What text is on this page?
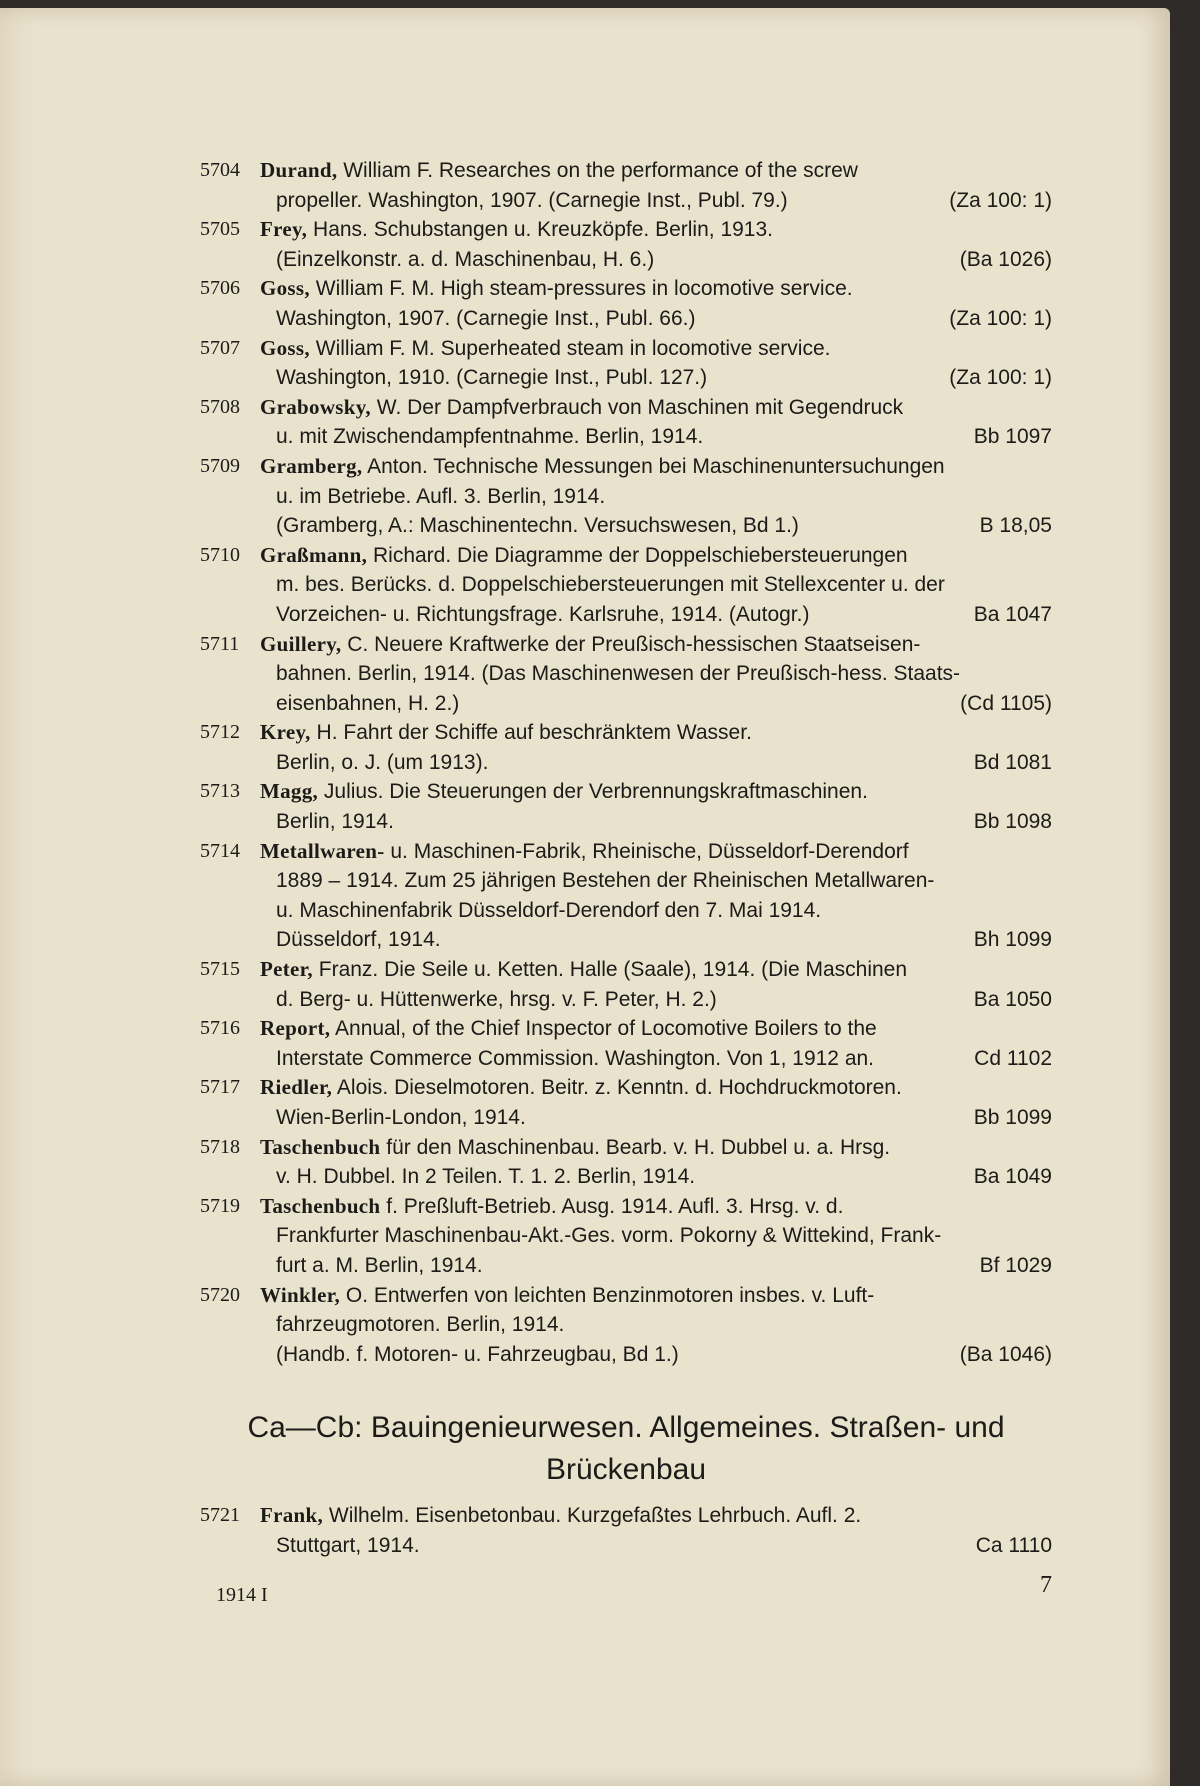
5704 Durand, William F. Researches on the performance of the screw
propeller. Washington, 1907. (Carnegie Inst., Publ. 79.)	(Za 100: 1)
5705 Frey, Hans. Schubstangen u. Kreuzköpfe. Berlin, 1913.
(Einzelkonstr. a. d. Maschinenbau, H. 6.)	(Ba 1026)
5706 Goss, William F. M. High steam-pressures in locomotive service.
Washington, 1907. (Carnegie Inst., Publ. 66.)	(Za 100: 1)
5707 Goss, William F. M. Superheated steam in locomotive service.
Washington, 1910. (Carnegie Inst., Publ. 127.)	(Za 100: 1)
5708 Grabowsky, W. Der Dampfverbrauch von Maschinen mit Gegendruck
u. mit Zwischendampfentnahme. Berlin, 1914.	Bb 1097
5709 Gramberg, Anton. Technische Messungen bei Maschinenuntersuchungen
u. im Betriebe. Aufl. 3. Berlin, 1914.
(Gramberg, A.: Maschinentechn. Versuchswesen, Bd 1.)	B 18,05
5710 Graßmann, Richard. Die Diagramme der Doppelschiebersteuerungen
m. bes. Berücks. d. Doppelschiebersteuerungen mit Stellexcenter u. der
Vorzeichen- u. Richtungsfrage. Karlsruhe, 1914. (Autogr.)	Ba 1047
5711 Guillery, C. Neuere Kraftwerke der Preußisch-hessischen Staatseisen-
bahnen. Berlin, 1914. (Das Maschinenwesen der Preußisch-hess. Staats-
eisenbahnen, H. 2.)	(Cd 1105)
5712 Krey, H. Fahrt der Schiffe auf beschränktem Wasser.
Berlin, o. J. (um 1913).	Bd 1081
5713 Magg, Julius. Die Steuerungen der Verbrennungskraftmaschinen.
Berlin, 1914.	Bb 1098
5714 Metallwaren- u. Maschinen-Fabrik, Rheinische, Düsseldorf-Derendorf
1889 – 1914. Zum 25 jährigen Bestehen der Rheinischen Metallwaren-
u. Maschinenfabrik Düsseldorf-Derendorf den 7. Mai 1914.
Düsseldorf, 1914.	Bh 1099
5715 Peter, Franz. Die Seile u. Ketten. Halle (Saale), 1914. (Die Maschinen
d. Berg- u. Hüttenwerke, hrsg. v. F. Peter, H. 2.)	Ba 1050
5716 Report, Annual, of the Chief Inspector of Locomotive Boilers to the
Interstate Commerce Commission. Washington. Von 1, 1912 an.	Cd 1102
5717 Riedler, Alois. Dieselmotoren. Beitr. z. Kenntn. d. Hochdruckmotoren.
Wien-Berlin-London, 1914.	Bb 1099
5718 Taschenbuch für den Maschinenbau. Bearb. v. H. Dubbel u. a. Hrsg.
v. H. Dubbel. In 2 Teilen. T. 1. 2. Berlin, 1914.	Ba 1049
5719 Taschenbuch f. Preßluft-Betrieb. Ausg. 1914. Aufl. 3. Hrsg. v. d.
Frankfurter Maschinenbau-Akt.-Ges. vorm. Pokorny & Wittekind, Frank-
furt a. M. Berlin, 1914.	Bf 1029
5720 Winkler, O. Entwerfen von leichten Benzinmotoren insbes. v. Luft-
fahrzeugmotoren. Berlin, 1914.
(Handb. f. Motoren- u. Fahrzeugbau, Bd 1.)	(Ba 1046)
Ca—Cb: Bauingenieurwesen. Allgemeines. Straßen- und
Brückenbau
5721 Frank, Wilhelm. Eisenbetonbau. Kurzgefaßtes Lehrbuch. Aufl. 2.
Stuttgart, 1914.	Ca 1110
1914 I	7
